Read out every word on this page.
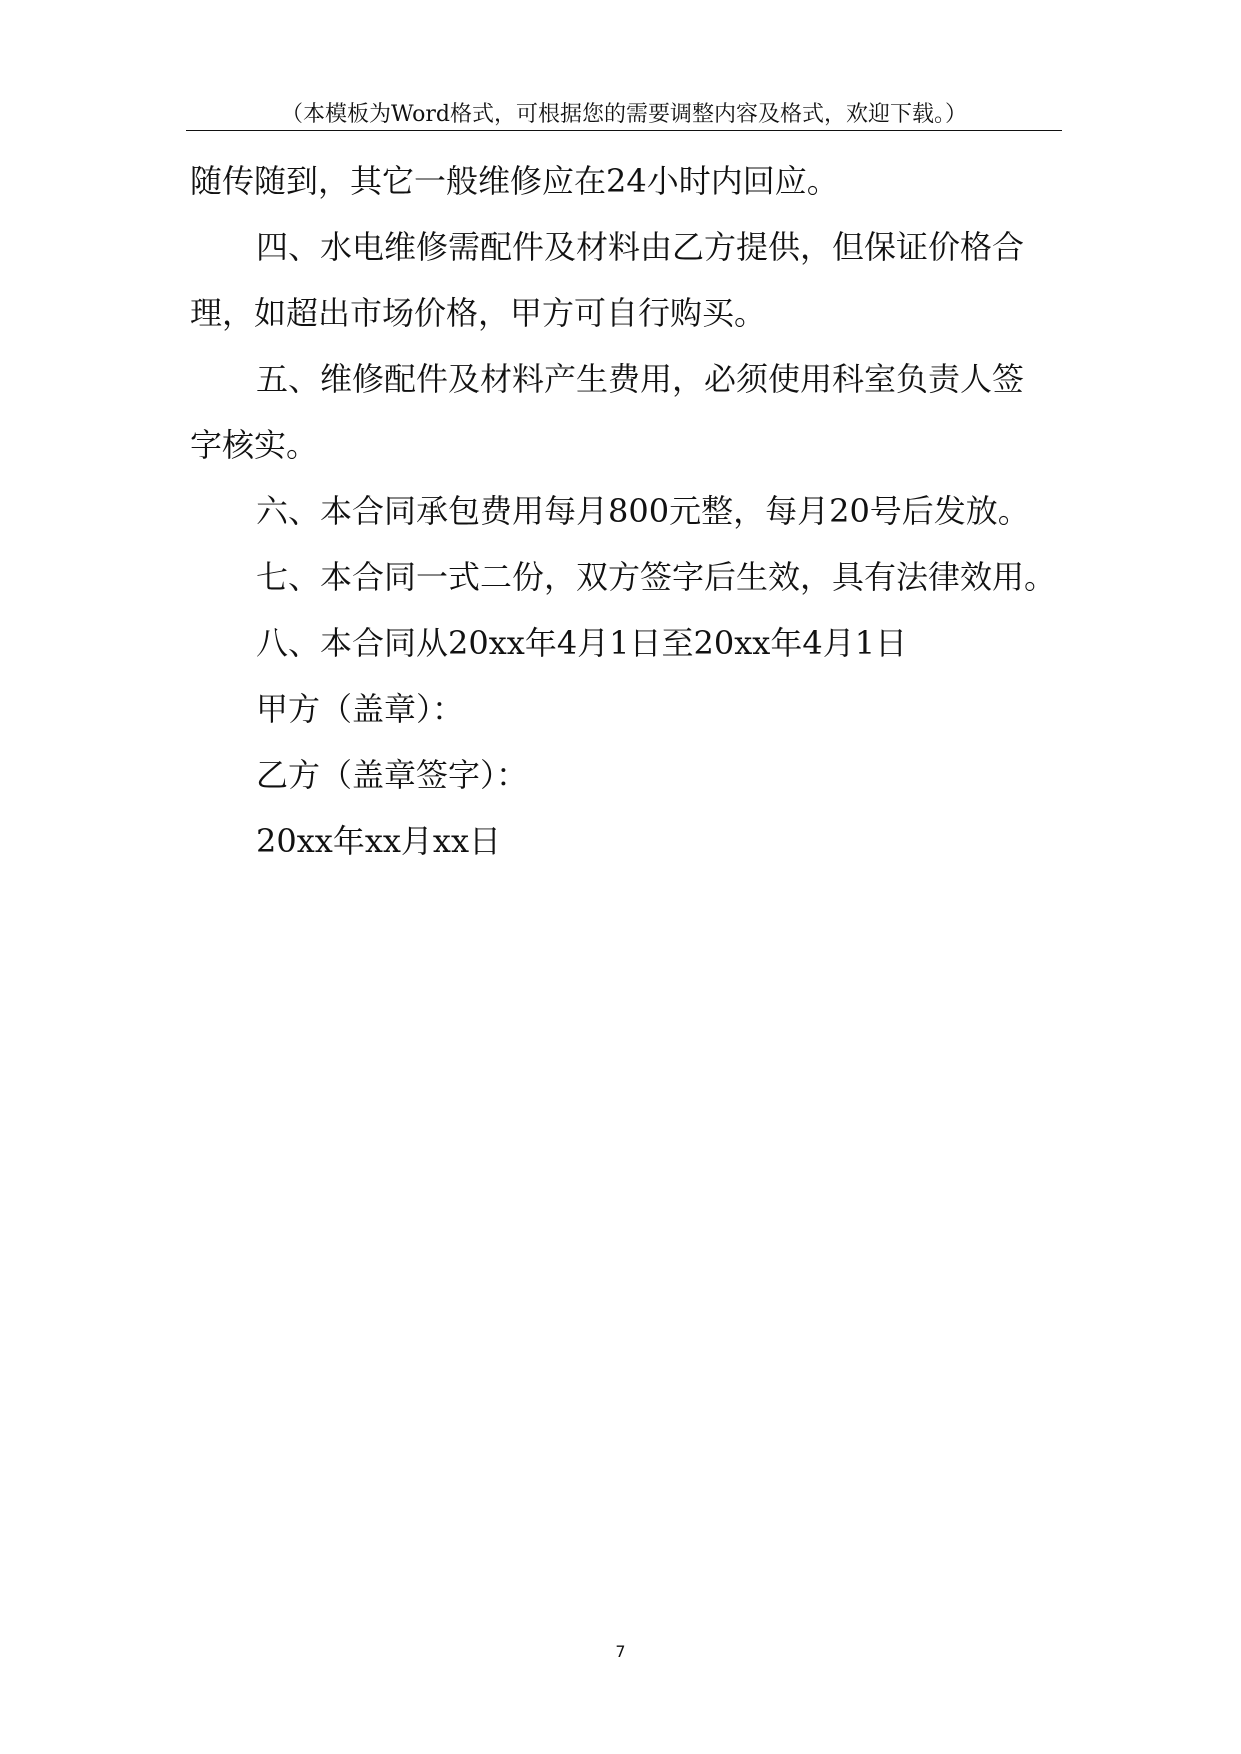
（本模板为Word格式，可根据您的需要调整内容及格式，欢迎下载。）

随传随到，其它一般维修应在24小时内回应。

四、水电维修需配件及材料由乙方提供，但保证价格合

理，如超出市场价格，甲方可自行购买。

五、维修配件及材料产生费用，必须使用科室负责人签

字核实。

六、本合同承包费用每月800元整，每月20号后发放。

七、本合同一式二份，双方签字后生效，具有法律效用。

八、本合同从20xx年4月1日至20xx年4月1日

甲方（盖章）：

乙方（盖章签字）：

20xx年xx月xx日

7
